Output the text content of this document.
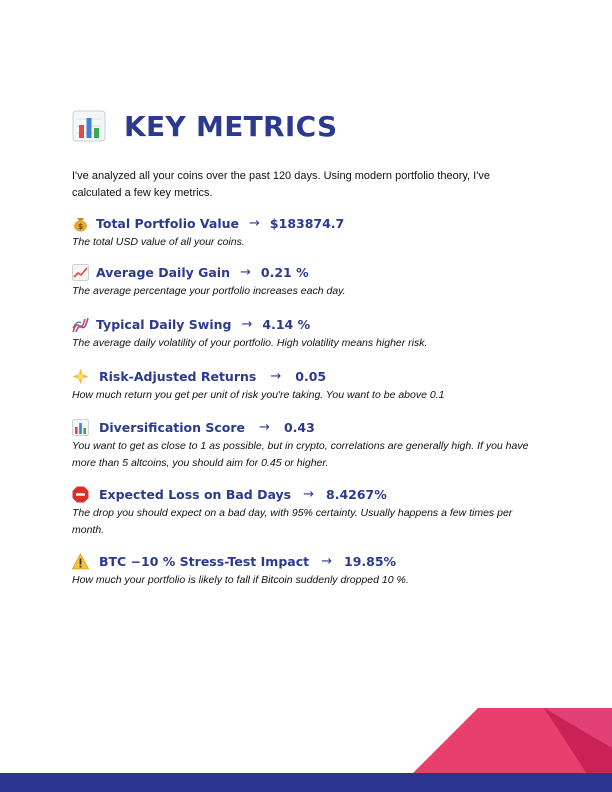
KEY METRICS
I've analyzed all your coins over the past 120 days. Using modern portfolio theory, I've calculated a few key metrics.
$ Total Portfolio Value → $183874.7
The total USD value of all your coins.
Average Daily Gain → 0.21 %
The average percentage your portfolio increases each day.
Typical Daily Swing → 4.14 %
The average daily volatility of your portfolio. High volatility means higher risk.
Risk-Adjusted Returns → 0.05
How much return you get per unit of risk you're taking. You want to be above 0.1
Diversification Score → 0.43
You want to get as close to 1 as possible, but in crypto, correlations are generally high. If you have more than 5 altcoins, you should aim for 0.45 or higher.
Expected Loss on Bad Days → 8.4267%
The drop you should expect on a bad day, with 95% certainty. Usually happens a few times per month.
BTC −10 % Stress-Test Impact → 19.85%
How much your portfolio is likely to fall if Bitcoin suddenly dropped 10 %.
